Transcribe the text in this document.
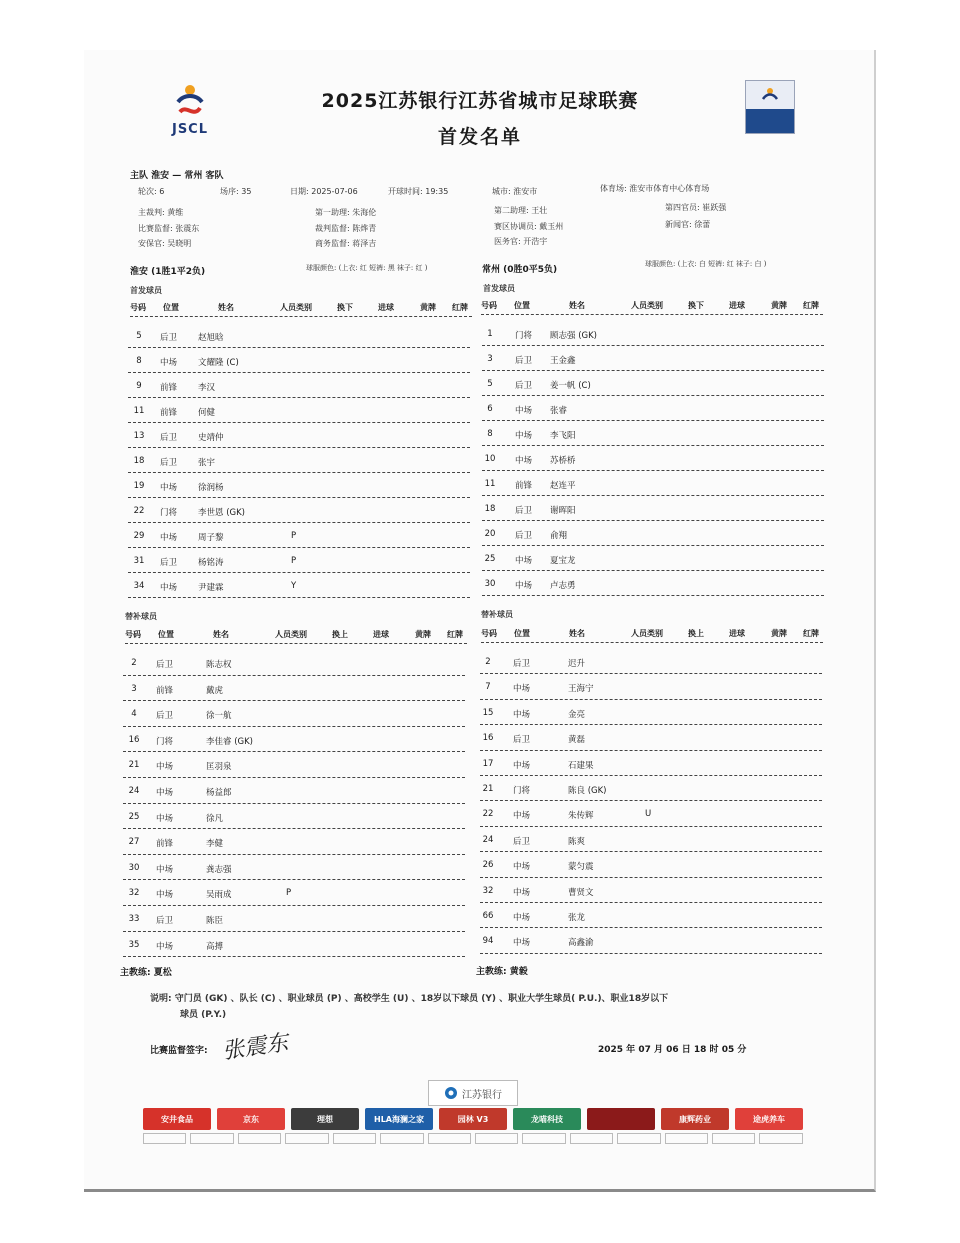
JSCL
2025江苏银行江苏省城市足球联赛
首发名单
主队 淮安 — 常州 客队
轮次: 6	场序: 35	日期: 2025-07-06	开球时间: 19:35	城市: 淮安市	体育场: 淮安市体育中心体育场
主裁判: 黄维	第一助理: 朱海伦	第二助理: 王壮	第四官员: 崔跃强
比赛监督: 张震东	裁判监督: 陈烨青	赛区协调员: 戴玉州	新闻官: 徐蕾
安保官: 吴晓明	商务监督: 蒋泽吉	医务官: 开浩宇
淮安 (1胜1平2负)	球服颜色: (上衣: 红 短裤: 黑 袜子: 红 )	常州 (0胜0平5负)
球服颜色: (上衣: 白 短裤: 红 袜子: 白 )
首发球员	首发球员
号码 位置	姓名	人员类别	换下	进球	黄牌 红牌 号码 位置	姓名	人员类别	换下	进球	黄牌 红牌
5	后卫 赵旭晗
8	中场 文耀隆 (C)
9	前锋 李汉
11	前锋 何健
13	后卫 史靖仲
18	后卫 张宇
19	中场 徐润杨
22	门将 李世恩 (GK)
29	中场 周子黎	P
31	后卫 杨铭涛	P
34	中场 尹建霖	Y
1	门将 顾志强 (GK)
3	后卫 王金鑫
5	后卫 姜一帆 (C)
6	中场 张睿
8	中场 李飞阳
10	中场 苏桥桥
11	前锋 赵连平
18	后卫 谢晖阳
20	后卫 俞翔
25	中场 夏宝龙
30	中场 卢志勇
替补球员	替补球员
号码 位置	姓名	人员类别	换上	进球	黄牌 红牌 号码 位置	姓名	人员类别	换上	进球	黄牌 红牌
2	后卫	陈志权
3	前锋	戴虎
4	后卫	徐一航
16	门将	李佳睿 (GK)
21	中场	匡羽泉
24	中场	杨益郎
25	中场	徐凡
27	前锋	李健
30	中场	龚志强
32	中场	吴雨成	P
33	后卫	陈臣
35	中场	高搏
2	后卫	迟升
7	中场	王海宁
15	中场	金亮
16	后卫	黄磊
17	中场	石建果
21	门将	陈良 (GK)
22	中场	朱传辉	U
24	后卫	陈爽
26	中场	蒙匀震
32	中场	曹贤文
66	中场	张龙
94	中场	高鑫渝
主教练: 夏松	主教练: 黄毅
说明: 守门员 (GK) 、队长 (C) 、职业球员 (P) 、高校学生 (U) 、18岁以下球员 (Y) 、职业大学生球员( P.U.)、职业18岁以下
球员 (P.Y.)
比赛监督签字: 张震东	2025 年 07 月 06 日 18 时 05 分
江苏银行
安井食品	京东	理想	HLA海澜之家	园林 V3	龙喵科技	康辉药业	途虎养车
